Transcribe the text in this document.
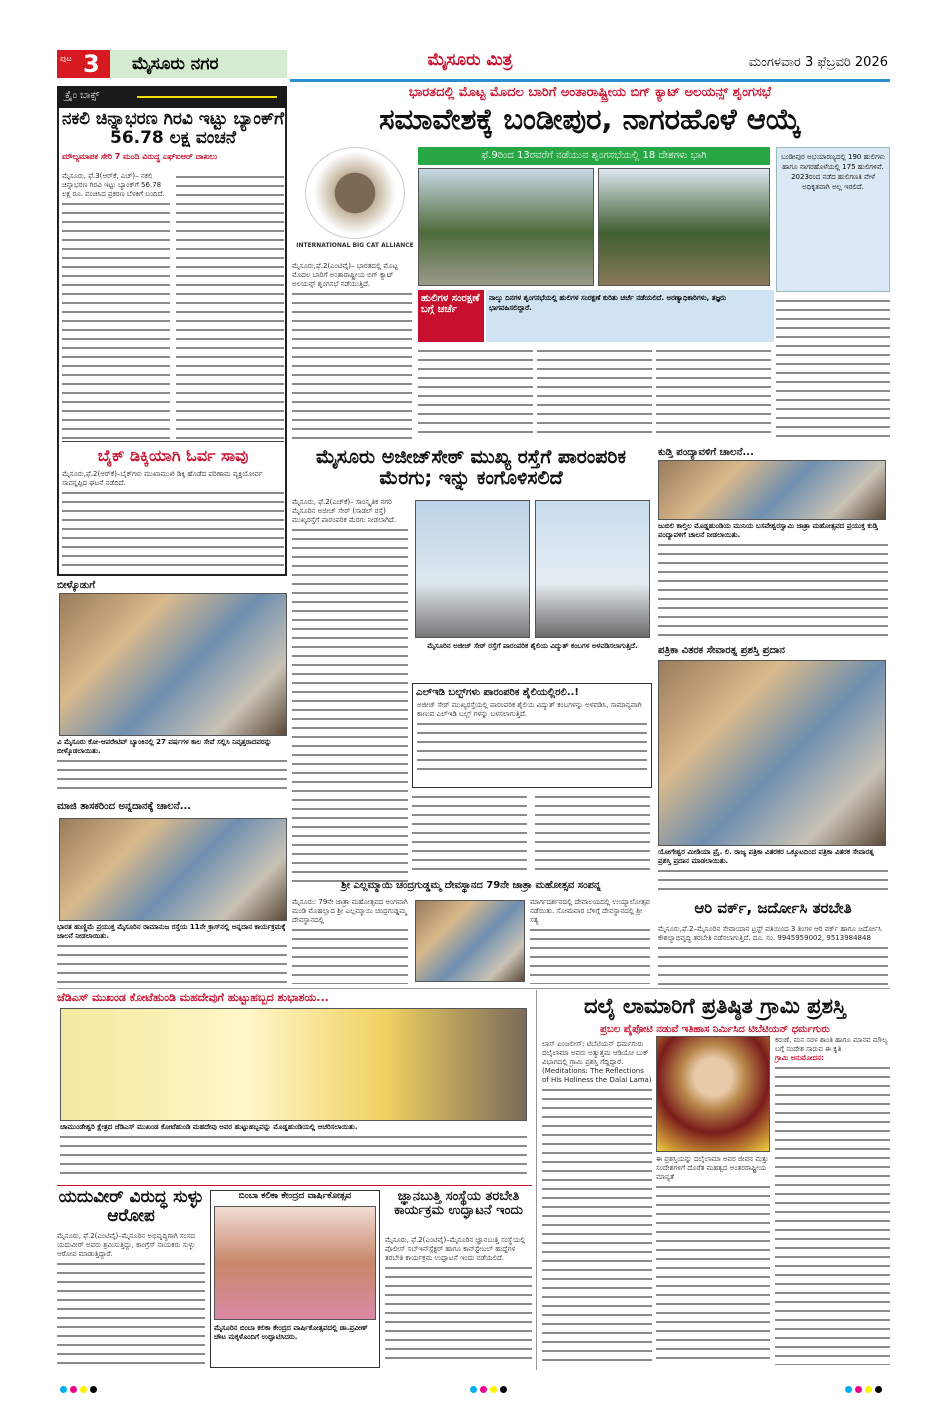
ಪುಟ 3	ಮೈಸೂರು ನಗರ	ಮೈಸೂರು ಮಿತ್ರ	ಮಂಗಳವಾರ 3 ಫೆಬ್ರವರಿ 2026
ಕ್ರೈಂ ಬಾಕ್ಸ್
ನಕಲಿ ಚಿನ್ನಾಭರಣ ಗಿರವಿ ಇಟ್ಟು ಬ್ಯಾಂಕ್‌ಗೆ 56.78 ಲಕ್ಷ ವಂಚನೆ
ಮೌಲ್ಯಮಾಪಕ ಸೇರಿ 7 ಮಂದಿ ವಿರುದ್ಧ ಎಫ್‌ಐಆರ್ ದಾಖಲು
ಮೈಸೂರು, ಫೆ.3(ಆರ್‌ಕೆ, ಎಚ್‌)– ನಕಲಿ ಚಿನ್ನಾಭರಣ ಗಿರವಿ ಇಟ್ಟು ಬ್ಯಾಂಕ್‌ಗೆ 56.78 ಲಕ್ಷ ರೂ. ವಂಚಿಸಿದ ಪ್ರಕರಣ ಬೆಳಕಿಗೆ ಬಂದಿದೆ.
ಬೈಕ್ ಡಿಕ್ಕಿಯಾಗಿ ಓರ್ವ ಸಾವು
ಮೈಸೂರು,ಫೆ.2(ಆರ್‌ಕೆ)–ಬೈಕ್‌ಗಳು ಮುಖಾಮುಖಿ ಡಿಕ್ಕಿ ಹೊಡೆದ ಪರಿಣಾಮ ವ್ಯಕ್ತಿಯೋರ್ವ ಸಾವನ್ನಪ್ಪಿದ ಘಟನೆ ನಡೆದಿದೆ.
ಬೀಳ್ಕೊಡುಗೆ
ವಿ ಮೈಸೂರು ಕೋ-ಆಪರೇಟಿವ್ ಬ್ಯಾಂಕಿನಲ್ಲಿ 27 ವರ್ಷಗಳ ಕಾಲ ಸೇವೆ ಸಲ್ಲಿಸಿ ನಿವೃತ್ತರಾದವರನ್ನು ಬೀಳ್ಕೊಡಲಾಯಿತು.
ಮಾಜಿ ತಾಸಕರಿಂದ ಅನ್ನದಾನಕ್ಕೆ ಚಾಲನೆ...
ಭಾರತ ಹುಣ್ಣಿಮೆ ಪ್ರಯುಕ್ತ ಮೈಸೂರಿನ ರಾಮಾನುಜ ರಸ್ತೆಯ 11ನೇ ಕ್ರಾಸ್‌ನಲ್ಲಿ ಅನ್ನದಾನ ಕಾರ್ಯಕ್ರಮಕ್ಕೆ ಚಾಲನೆ ನೀಡಲಾಯಿತು.
ಭಾರತದಲ್ಲಿ ಮೊಟ್ಟ ಮೊದಲ ಬಾರಿಗೆ ಅಂತಾರಾಷ್ಟ್ರೀಯ ಬಿಗ್ ಕ್ಯಾಟ್ ಅಲಯನ್ಸ್ ಶೃಂಗಸಭೆ
ಸಮಾವೇಶಕ್ಕೆ ಬಂಡೀಪುರ, ನಾಗರಹೊಳೆ ಆಯ್ಕೆ
INTERNATIONAL BIG CAT ALLIANCE
ಫೆ.9ರಿಂದ 13ರವರೆಗೆ ನಡೆಯುವ ಶೃಂಗಸಭೆಯಲ್ಲಿ 18 ದೇಶಗಳು ಭಾಗಿ	ಬಂಡೀಪುರ ಅಭಯಾರಣ್ಯದಲ್ಲಿ 190 ಹುಲಿಗಳು ಹಾಗೂ ನಾಗರಹೊಳೆಯಲ್ಲಿ 175 ಹುಲಿಗಳಿವೆ. 2023ರಂದ ನಡೆದ ಹುಲಿಗಣತಿ ವೇಳೆ ಅಧಿಕೃತವಾಗಿ ಅಲ್ಲ ಇರಲಿದೆ.
ಹುಲಿಗಳ ಸಂರಕ್ಷಣೆ ಬಗ್ಗೆ ಚರ್ಚೆ
ನಾಲ್ಕು ದಿನಗಳ ಶೃಂಗಸಭೆಯಲ್ಲಿ ಹುಲಿಗಳ ಸಂರಕ್ಷಣೆ ಕುರಿತು ಚರ್ಚೆ ನಡೆಯಲಿದೆ. ಅರಣ್ಯಾಧಿಕಾರಿಗಳು, ತಜ್ಞರು ಭಾಗವಹಿಸಲಿದ್ದಾರೆ.
ಮೈಸೂರು,ಫೆ.2(ಎಂಟಿವೈ)– ಭಾರತದಲ್ಲಿ ಮೊಟ್ಟ ಮೊದಲ ಬಾರಿಗೆ ಅಂತಾರಾಷ್ಟ್ರೀಯ ಬಿಗ್ ಕ್ಯಾಟ್ ಅಲಯನ್ಸ್ ಶೃಂಗಸಭೆ ನಡೆಯುತ್ತಿದೆ.
ಮೈಸೂರು ಅಜೀಜ್‌ಸೇಠ್ ಮುಖ್ಯ ರಸ್ತೆಗೆ ಪಾರಂಪರಿಕ ಮೆರಗು; ಇನ್ನು ಕಂಗೊಳಿಸಲಿದೆ
ಮೈಸೂರು, ಫೆ.2(ಎಚ್‌ಕೆ)– ಸಾಂಸ್ಕೃತಿಕ ನಗರಿ ಮೈಸೂರಿನ ಅಜೀಜ್ ಸೇಠ್ (ಸಾಡಲ್‌ ರಸ್ತೆ) ಮುಖ್ಯರಸ್ತೆಗೆ ಪಾರಂಪರಿಕ ಮೆರಗು ನೀಡಲಾಗಿದೆ.
ಮೈಸೂರಿನ ಅಜೀಜ್ ಸೇಠ್ ರಸ್ತೆಗೆ ಪಾರಂಪರಿಕ ಶೈಲಿಯ ವಿದ್ಯುತ್ ಕಂಬಗಳ ಅಳವಡಿಸಲಾಗುತ್ತಿದೆ.
ಎಲ್‌ಇಡಿ ಬಲ್ಬ್‌ಗಳು ಪಾರಂಪರಿಕ ಶೈಲಿಯಲ್ಲಿರಲಿ..!
ಅಜೀಜ್ ಸೇಠ್ ಮುಖ್ಯರಸ್ತೆಯಲ್ಲಿ ಪಾರಂಪರಿಕ ಶೈಲಿಯ ವಿದ್ಯುತ್ ಕಂಬಗಳನ್ನು ಅಳವಡಿಸಿ, ಸಾಮಾನ್ಯವಾಗಿ ಕಾಣುವ ಎಲ್‌ಇಡಿ ಬಲ್ಬ್ ಗಳನ್ನು ಬಳಸಲಾಗುತ್ತಿದೆ.
ಕುಡ್ತಿ ಪಂದ್ಯಾವಳಿಗೆ ಚಾಲನೆ...
ಜುಬಿಲಿ ಕಾಲ್ತಿಲ ಮೊಡ್ಡಹುಂಡಿಯ ಮುನಿಯ ಬಸವೇಶ್ವರಸ್ವಾಮಿ ಜಾತ್ರಾ ಮಹೋತ್ಸವದ ಪ್ರಯುಕ್ತ ಕುಡ್ತಿ ಪಂದ್ಯಾವಳಿಗೆ ಚಾಲನೆ ನೀಡಲಾಯಿತು.
ಪತ್ರಿಕಾ ವಿತರಕ ಸೇವಾರತ್ನ ಪ್ರಶಸ್ತಿ ಪ್ರದಾನ
ಯೋಗೇಶ್ವರ ಮೀಡಿಯಾ ಪ್ರೈ. ಲಿ. ರಾಜ್ಯ ಪತ್ರಿಕಾ ವಿತರಕರ ಒಕ್ಕೂಟದಿಂದ ಪತ್ರಿಕಾ ವಿತರಕ ಸೇವಾರತ್ನ ಪ್ರಶಸ್ತಿ ಪ್ರದಾನ ಮಾಡಲಾಯಿತು.
ಶ್ರೀ ಎಲ್ಲಮ್ಮಾಯಿ ಚಂದ್ರಗುಡ್ಡಮ್ಮ ದೇವಸ್ಥಾನದ 79ನೇ ಜಾತ್ರಾ ಮಹೋತ್ಸವ ಸಂಪನ್ನ
ಮೈಸೂರು: 79ನೇ ಜಾತ್ರಾ ಮಹೋತ್ಸವದ ಅಂಗವಾಗಿ ಮಂಡಿ ಮೊಹಲ್ಲಾದ ಶ್ರೀ ಎಲ್ಲಮ್ಮಾಯಿ ಚಂದ್ರಗುಡ್ಡಮ್ಮ ದೇವಸ್ಥಾನದಲ್ಲಿ
ಮಾರ್ಗದರ್ಶನದಲ್ಲಿ ದೇವಾಲಯದಲ್ಲಿ ಉಯ್ಯಾಲೋತ್ಸವ ನಡೆಯಿತು. ಸೋಮವಾರ ಬೆಳಿಗ್ಗೆ ದೇವಸ್ಥಾನದಲ್ಲಿ ಶ್ರೀ ಸತ್ಯ
ಆರಿ ವರ್ಕ್, ಜರ್ದೋಸಿ ತರಬೇತಿ
ಮೈಸೂರು,ಫೆ.2–ಮೈಸೂರಿನ ಸೇವಾಯಾನ ಟ್ರಸ್ಟ್ ವತಿಯಿಂದ 3 ತಿಂಗಳ ಆರಿ ವರ್ಕ್ ಹಾಗೂ ಜರ್ದೋಸಿ ಕೌಶಲ್ಯಾಭಿವೃದ್ಧಿ ತರಬೇತಿ ನಡೆಸಲಾಗುತ್ತಿದೆ. ದೂ. ಸಂ. 9945959002, 9513984848
ಜೆಡಿಎಸ್ ಮುಖಂಡ ಕೋಟೆಹುಂಡಿ ಮಹದೇವುಗೆ ಹುಟ್ಟುಹಬ್ಬದ ಶುಭಾಶಯ...
ಚಾಮುಂಡೇಶ್ವರಿ ಕ್ಷೇತ್ರದ ಜೆಡಿಎಸ್ ಮುಖಂಡ ಕೋಟೆಹುಂಡಿ ಮಹದೇವು ಅವರ ಹುಟ್ಟುಹಬ್ಬವನ್ನು ಮೊಡ್ಡಹುಂಡಿಯಲ್ಲಿ ಆಚರಿಸಲಾಯಿತು.
ದಲೈ ಲಾಮಾರಿಗೆ ಪ್ರತಿಷ್ಠಿತ ಗ್ರಾಮಿ ಪ್ರಶಸ್ತಿ
ಪ್ರಬಲ ಪೈಪೋಟಿ ನಡುವೆ ಇತಿಹಾಸ ನಿರ್ಮಿಸಿದ ಟಿಬೆಟಿಯನ್ ಧರ್ಮಗುರು
ಲಾಸ್ ಏಂಜಲೀಸ್: ಟಿಬೆಟಿಯನ್ ಧರ್ಮಗುರು ದಲೈಲಾಮಾ ಅವರು ಅತ್ಯುತ್ತಮ ಆಡಿಯೋ ಬುಕ್ ವಿಭಾಗದಲ್ಲಿ ಗ್ರಾಮಿ ಪ್ರಶಸ್ತಿ ಗೆದ್ದಿದ್ದಾರೆ. (Meditations: The Reflections of His Holiness the Dalai Lama)
ಈ ಪ್ರಶಸ್ತಿಯನ್ನು ದಲೈಲಾಮಾ ಅವರ ಜೀವನ ಮತ್ತು ಸಂದೇಶಗಳಿಗೆ ದೊರೆತ ಮಹತ್ವದ ಅಂತರರಾಷ್ಟ್ರೀಯ ಮಾನ್ಯತೆ
ಕರುಣೆ, ಮನ ಸರಳ ಶಾಂತಿ ಹಾಗೂ ಮಾನವ ಮೌಲ್ಯ ಬಗ್ಗೆ ಸಂದೇಶ ಸಾರುವ ಈ ಕೃತಿ
ಗ್ರಾಮಿ ಅನುಮೋದನ:
ಯದುವೀರ್ ವಿರುದ್ಧ ಸುಳ್ಳು ಆರೋಪ
ಮೈಸೂರು, ಫೆ.2(ಎಂಟಿವೈ)–ಮೈಸೂರಿನ ಅಭಿವೃದ್ಧಿಗಾಗಿ ಸಂಸದ ಯದುವೀರ್ ಅವರು ಶ್ರಮಿಸುತ್ತಿದ್ದು, ಕಾಂಗ್ರೆಸ್ ನಾಯಕರು ಸುಳ್ಳು ಆರೋಪ ಮಾಡುತ್ತಿದ್ದಾರೆ.
ಬಿಂಬಾ ಕಲಿಕಾ ಕೇಂದ್ರದ ವಾರ್ಷಿಕೋತ್ಸವ
ಮೈಸೂರಿನ ಬಿಂಬಾ ಕಲಿಕಾ ಕೇಂದ್ರದ ವಾರ್ಷಿಕೋತ್ಸವದಲ್ಲಿ ಡಾ.ಪ್ರವೀಣ್ ಚೌಟ ಮಕ್ಕಳೊಂದಿಗೆ ಉದ್ಘಾಟಿಸಿದರು.
ಜ್ಞಾನಬುತ್ತಿ ಸಂಸ್ಥೆಯ ತರಬೇತಿ ಕಾರ್ಯಕ್ರಮ ಉದ್ಘಾಟನೆ ಇಂದು
ಮೈಸೂರು, ಫೆ.2(ಎಂಟಿವೈ)–ಮೈಸೂರಿನ ಜ್ಞಾನಬುತ್ತಿ ಸಂಸ್ಥೆಯಲ್ಲಿ ಪೊಲೀಸ್ ಸಬ್‌ಇನ್‌ಸ್ಪೆಕ್ಟರ್ ಹಾಗೂ ಕಾನ್‌ಸ್ಟೇಬಲ್ ಹುದ್ದೆಗಳ ತರಬೇತಿ ಕಾರ್ಯಕ್ರಮ ಉದ್ಘಾಟನೆ ಇಂದು ನಡೆಯಲಿದೆ.
